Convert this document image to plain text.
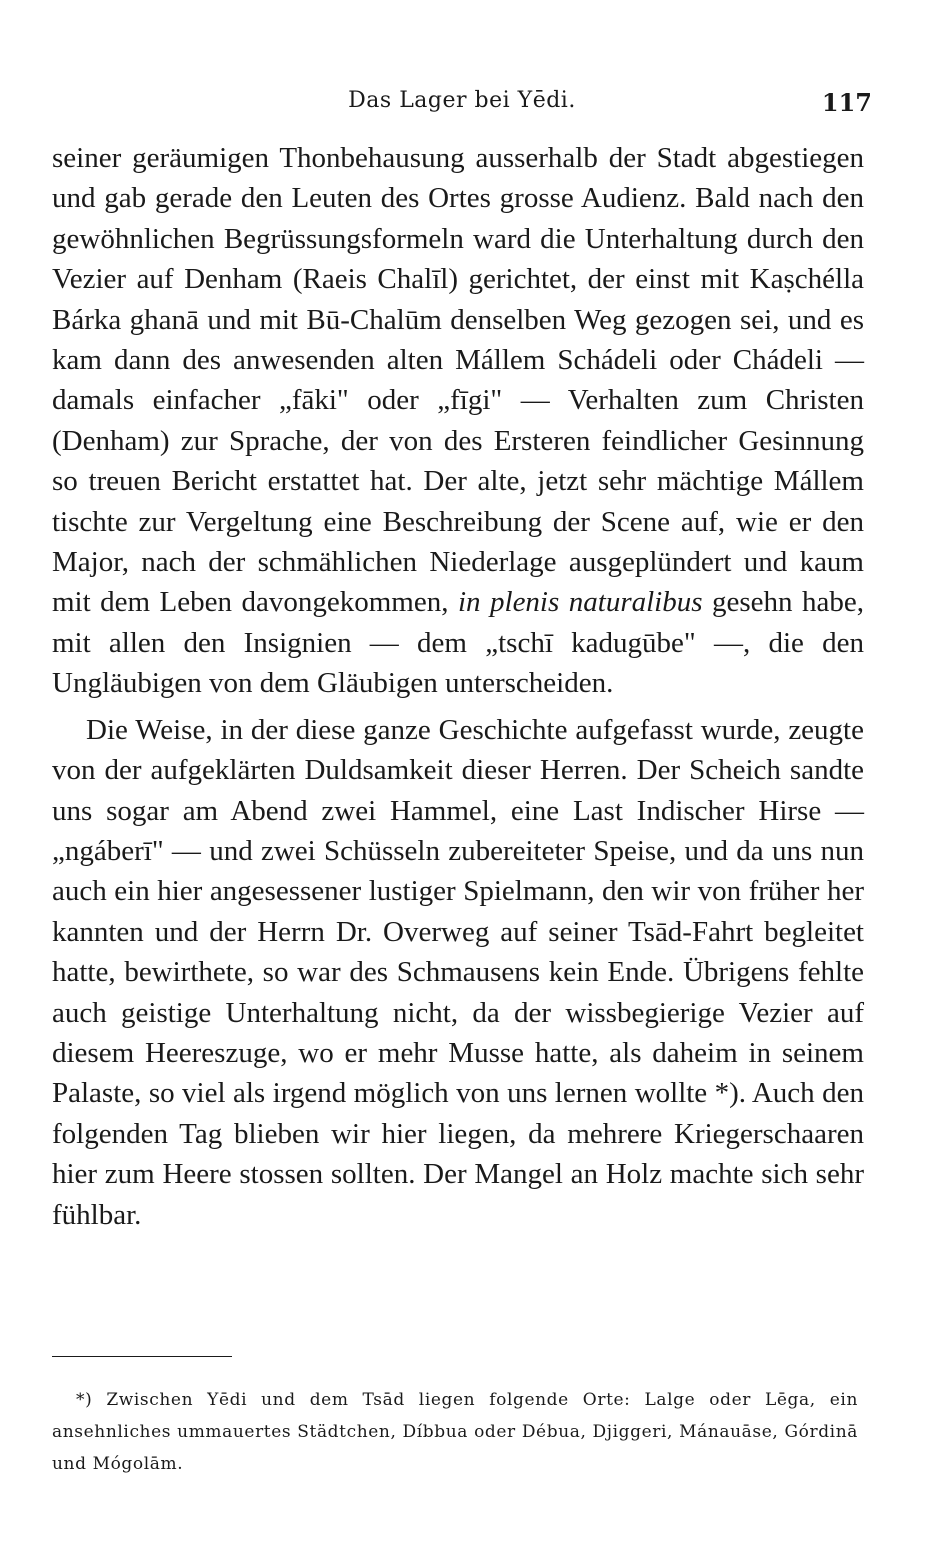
Das Lager bei Yēdi.	117

seiner geräumigen Thonbehausung ausserhalb der Stadt abgestiegen und gab gerade den Leuten des Ortes grosse Audienz. Bald nach den gewöhnlichen Begrüssungsformeln ward die Unterhaltung durch den Vezier auf Denham (Raeis Chalīl) gerichtet, der einst mit Kaṣchélla Bárka ghanā und mit Bū-Chalūm denselben Weg gezogen sei, und es kam dann des anwesenden alten Mállem Schádeli oder Chádeli — damals einfacher „fāki" oder „fīgi" — Verhalten zum Christen (Denham) zur Sprache, der von des Ersteren feindlicher Gesinnung so treuen Bericht erstattet hat. Der alte, jetzt sehr mächtige Mállem tischte zur Vergeltung eine Beschreibung der Scene auf, wie er den Major, nach der schmählichen Niederlage ausgeplündert und kaum mit dem Leben davongekommen, in plenis naturalibus gesehn habe, mit allen den Insignien — dem „tschī kadugūbe" —, die den Ungläubigen von dem Gläubigen unterscheiden.

Die Weise, in der diese ganze Geschichte aufgefasst wurde, zeugte von der aufgeklärten Duldsamkeit dieser Herren. Der Scheich sandte uns sogar am Abend zwei Hammel, eine Last Indischer Hirse — „ngáberī" — und zwei Schüsseln zubereiteter Speise, und da uns nun auch ein hier angesessener lustiger Spielmann, den wir von früher her kannten und der Herrn Dr. Overweg auf seiner Tsād-Fahrt begleitet hatte, bewirthete, so war des Schmausens kein Ende. Übrigens fehlte auch geistige Unterhaltung nicht, da der wissbegierige Vezier auf diesem Heereszuge, wo er mehr Musse hatte, als daheim in seinem Palaste, so viel als irgend möglich von uns lernen wollte *). Auch den folgenden Tag blieben wir hier liegen, da mehrere Kriegerschaaren hier zum Heere stossen sollten. Der Mangel an Holz machte sich sehr fühlbar.

*) Zwischen Yēdi und dem Tsād liegen folgende Orte: Lalge oder Lēga, ein ansehnliches ummauertes Städtchen, Díbbua oder Débua, Djiggeri, Mánauāse, Górdinā und Mógolām.
